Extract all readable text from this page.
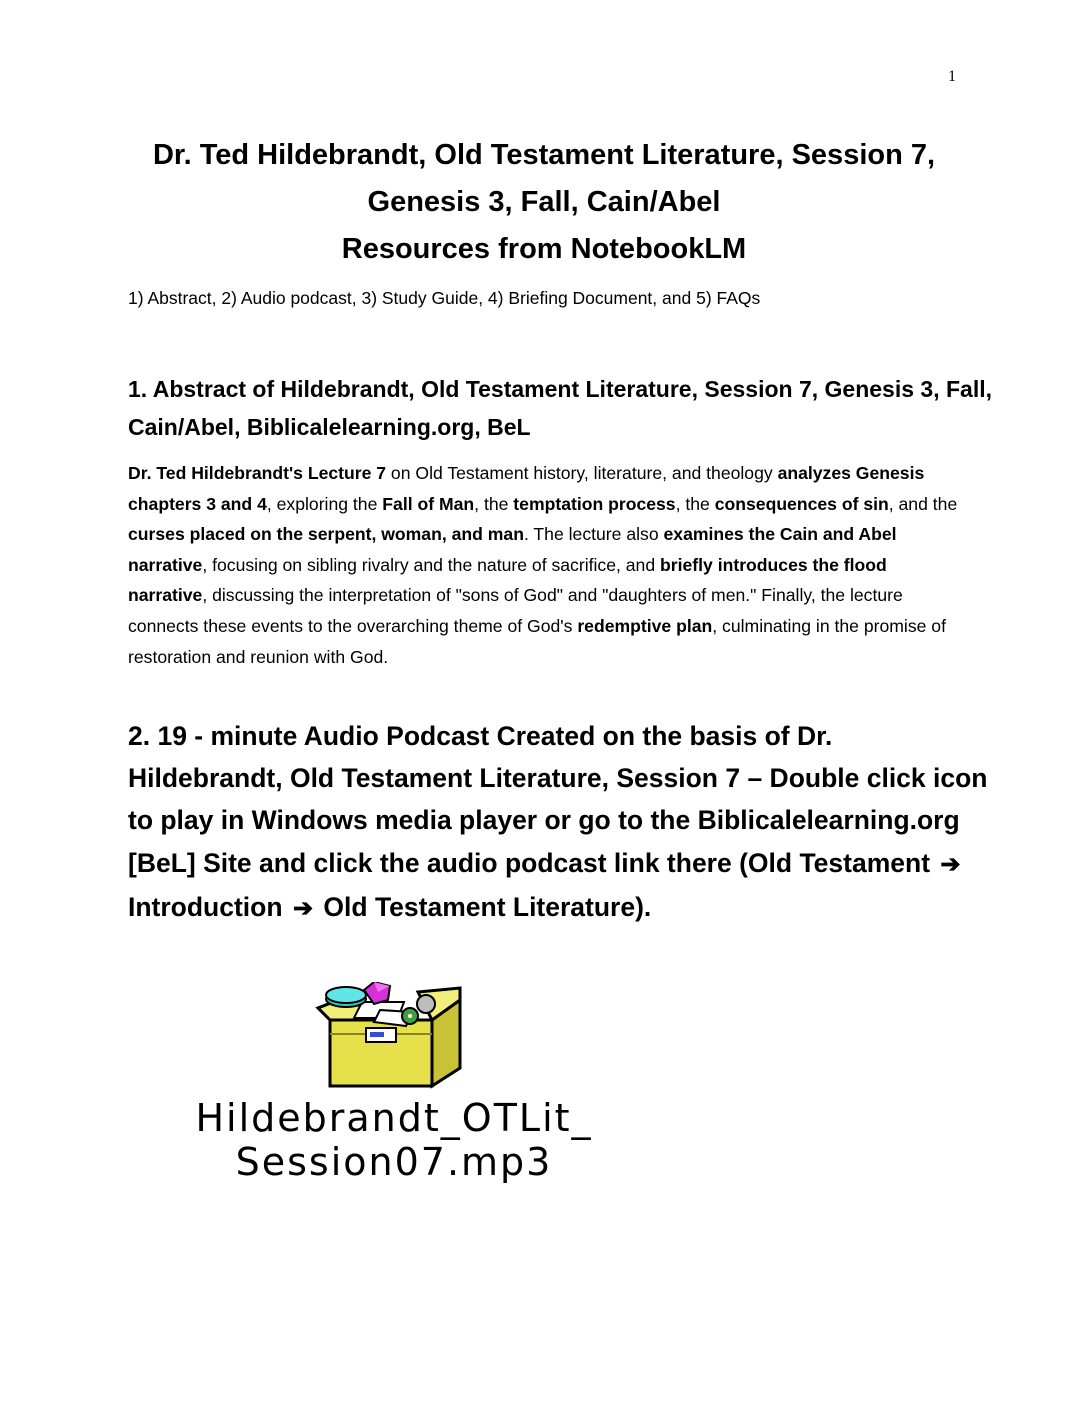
1
Dr. Ted Hildebrandt, Old Testament Literature, Session 7,
Genesis 3, Fall, Cain/Abel
Resources from NotebookLM

1) Abstract, 2) Audio podcast, 3) Study Guide, 4) Briefing Document, and 5) FAQs

1. Abstract of Hildebrandt, Old Testament Literature, Session 7, Genesis 3, Fall, Cain/Abel, Biblicalelearning.org, BeL

Dr. Ted Hildebrandt's Lecture 7 on Old Testament history, literature, and theology analyzes Genesis chapters 3 and 4, exploring the Fall of Man, the temptation process, the consequences of sin, and the curses placed on the serpent, woman, and man. The lecture also examines the Cain and Abel narrative, focusing on sibling rivalry and the nature of sacrifice, and briefly introduces the flood narrative, discussing the interpretation of "sons of God" and "daughters of men." Finally, the lecture connects these events to the overarching theme of God's redemptive plan, culminating in the promise of restoration and reunion with God.

2. 19 - minute Audio Podcast Created on the basis of Dr. Hildebrandt, Old Testament Literature, Session 7 – Double click icon to play in Windows media player or go to the Biblicalelearning.org [BeL] Site and click the audio podcast link there (Old Testament ➔ Introduction ➔ Old Testament Literature).
Hildebrandt_OTLit_
Session07.mp3
